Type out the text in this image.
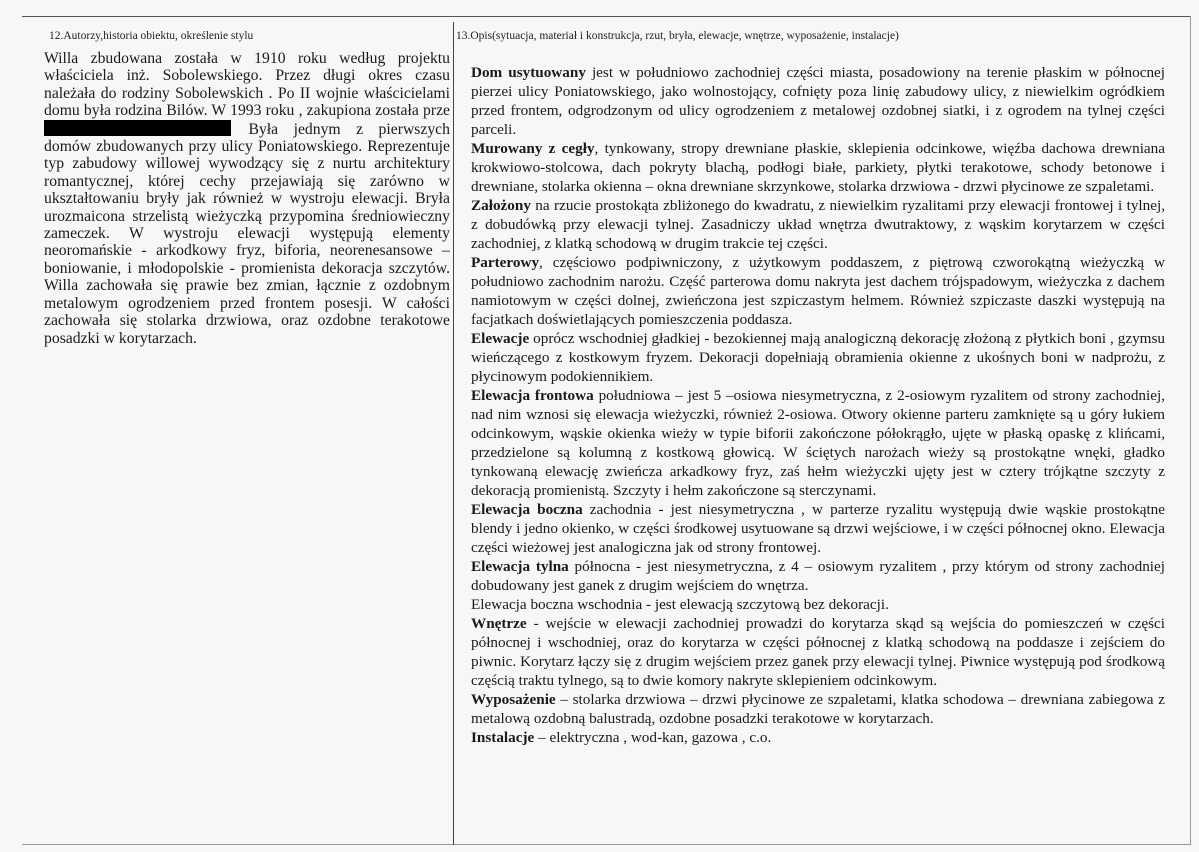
12.Autorzy,historia obiektu, określenie stylu	13.Opis(sytuacja, materiał i konstrukcja, rzut, bryła, elewacje, wnętrze, wyposażenie, instalacje)

Willa zbudowana została w 1910 roku według projektu właściciela inż. Sobolewskiego. Przez długi okres czasu należała do rodziny Sobolewskich . Po II wojnie właścicielami domu była rodzina Bilów. W 1993 roku , zakupiona została prze Była jednym z pierwszych domów zbudowanych przy ulicy Poniatowskiego. Reprezentuje typ zabudowy willowej wywodzący się z nurtu architektury romantycznej, której cechy przejawiają się zarówno w ukształtowaniu bryły jak również w wystroju elewacji. Bryła urozmaicona strzelistą wieżyczką przypomina średniowieczny zameczek. W wystroju elewacji występują elementy neoromańskie - arkodkowy fryz, biforia, neorenesansowe – boniowanie, i młodopolskie - promienista dekoracja szczytów. Willa zachowała się prawie bez zmian, łącznie z ozdobnym metalowym ogrodzeniem przed frontem posesji. W całości zachowała się stolarka drzwiowa, oraz ozdobne terakotowe posadzki w korytarzach.

Dom usytuowany jest w południowo zachodniej części miasta, posadowiony na terenie płaskim w północnej pierzei ulicy Poniatowskiego, jako wolnostojący, cofnięty poza linię zabudowy ulicy, z niewielkim ogródkiem przed frontem, odgrodzonym od ulicy ogrodzeniem z metalowej ozdobnej siatki, i z ogrodem na tylnej części parceli.

Murowany z cegły, tynkowany, stropy drewniane płaskie, sklepienia odcinkowe, więźba dachowa drewniana krokwiowo-stolcowa, dach pokryty blachą, podłogi białe, parkiety, płytki terakotowe, schody betonowe i drewniane, stolarka okienna – okna drewniane skrzynkowe, stolarka drzwiowa - drzwi płycinowe ze szpaletami.

Założony na rzucie prostokąta zbliżonego do kwadratu, z niewielkim ryzalitami przy elewacji frontowej i tylnej, z dobudówką przy elewacji tylnej. Zasadniczy układ wnętrza dwutraktowy, z wąskim korytarzem w części zachodniej, z klatką schodową w drugim trakcie tej części.

Parterowy, częściowo podpiwniczony, z użytkowym poddaszem, z piętrową czworokątną wieżyczką w południowo zachodnim narożu. Część parterowa domu nakryta jest dachem trójspadowym, wieżyczka z dachem namiotowym w części dolnej, zwieńczona jest szpiczastym helmem. Również szpiczaste daszki występują na facjatkach doświetlających pomieszczenia poddasza.

Elewacje oprócz wschodniej gładkiej - bezokiennej mają analogiczną dekorację złożoną z płytkich boni , gzymsu wieńczącego z kostkowym fryzem. Dekoracji dopełniają obramienia okienne z ukośnych boni w nadprożu, z płycinowym podokiennikiem.

Elewacja frontowa południowa – jest 5 –osiowa niesymetryczna, z 2-osiowym ryzalitem od strony zachodniej, nad nim wznosi się elewacja wieżyczki, również 2-osiowa. Otwory okienne parteru zamknięte są u góry łukiem odcinkowym, wąskie okienka wieży w typie biforii zakończone półokrągło, ujęte w płaską opaskę z klińcami, przedzielone są kolumną z kostkową głowicą. W ściętych narożach wieży są prostokątne wnęki, gładko tynkowaną elewację zwieńcza arkadkowy fryz, zaś hełm wieżyczki ujęty jest w cztery trójkątne szczyty z dekoracją promienistą. Szczyty i hełm zakończone są sterczynami.

Elewacja boczna zachodnia - jest niesymetryczna , w parterze ryzalitu występują dwie wąskie prostokątne blendy i jedno okienko, w części środkowej usytuowane są drzwi wejściowe, i w części północnej okno. Elewacja części wieżowej jest analogiczna jak od strony frontowej.

Elewacja tylna północna - jest niesymetryczna, z 4 – osiowym ryzalitem , przy którym od strony zachodniej dobudowany jest ganek z drugim wejściem do wnętrza.

Elewacja boczna wschodnia - jest elewacją szczytową bez dekoracji.

Wnętrze - wejście w elewacji zachodniej prowadzi do korytarza skąd są wejścia do pomieszczeń w części północnej i wschodniej, oraz do korytarza w części północnej z klatką schodową na poddasze i zejściem do piwnic. Korytarz łączy się z drugim wejściem przez ganek przy elewacji tylnej. Piwnice występują pod środkową częścią traktu tylnego, są to dwie komory nakryte sklepieniem odcinkowym.

Wyposażenie – stolarka drzwiowa – drzwi płycinowe ze szpaletami, klatka schodowa – drewniana zabiegowa z metalową ozdobną balustradą, ozdobne posadzki terakotowe w korytarzach.

Instalacje – elektryczna , wod-kan, gazowa , c.o.
